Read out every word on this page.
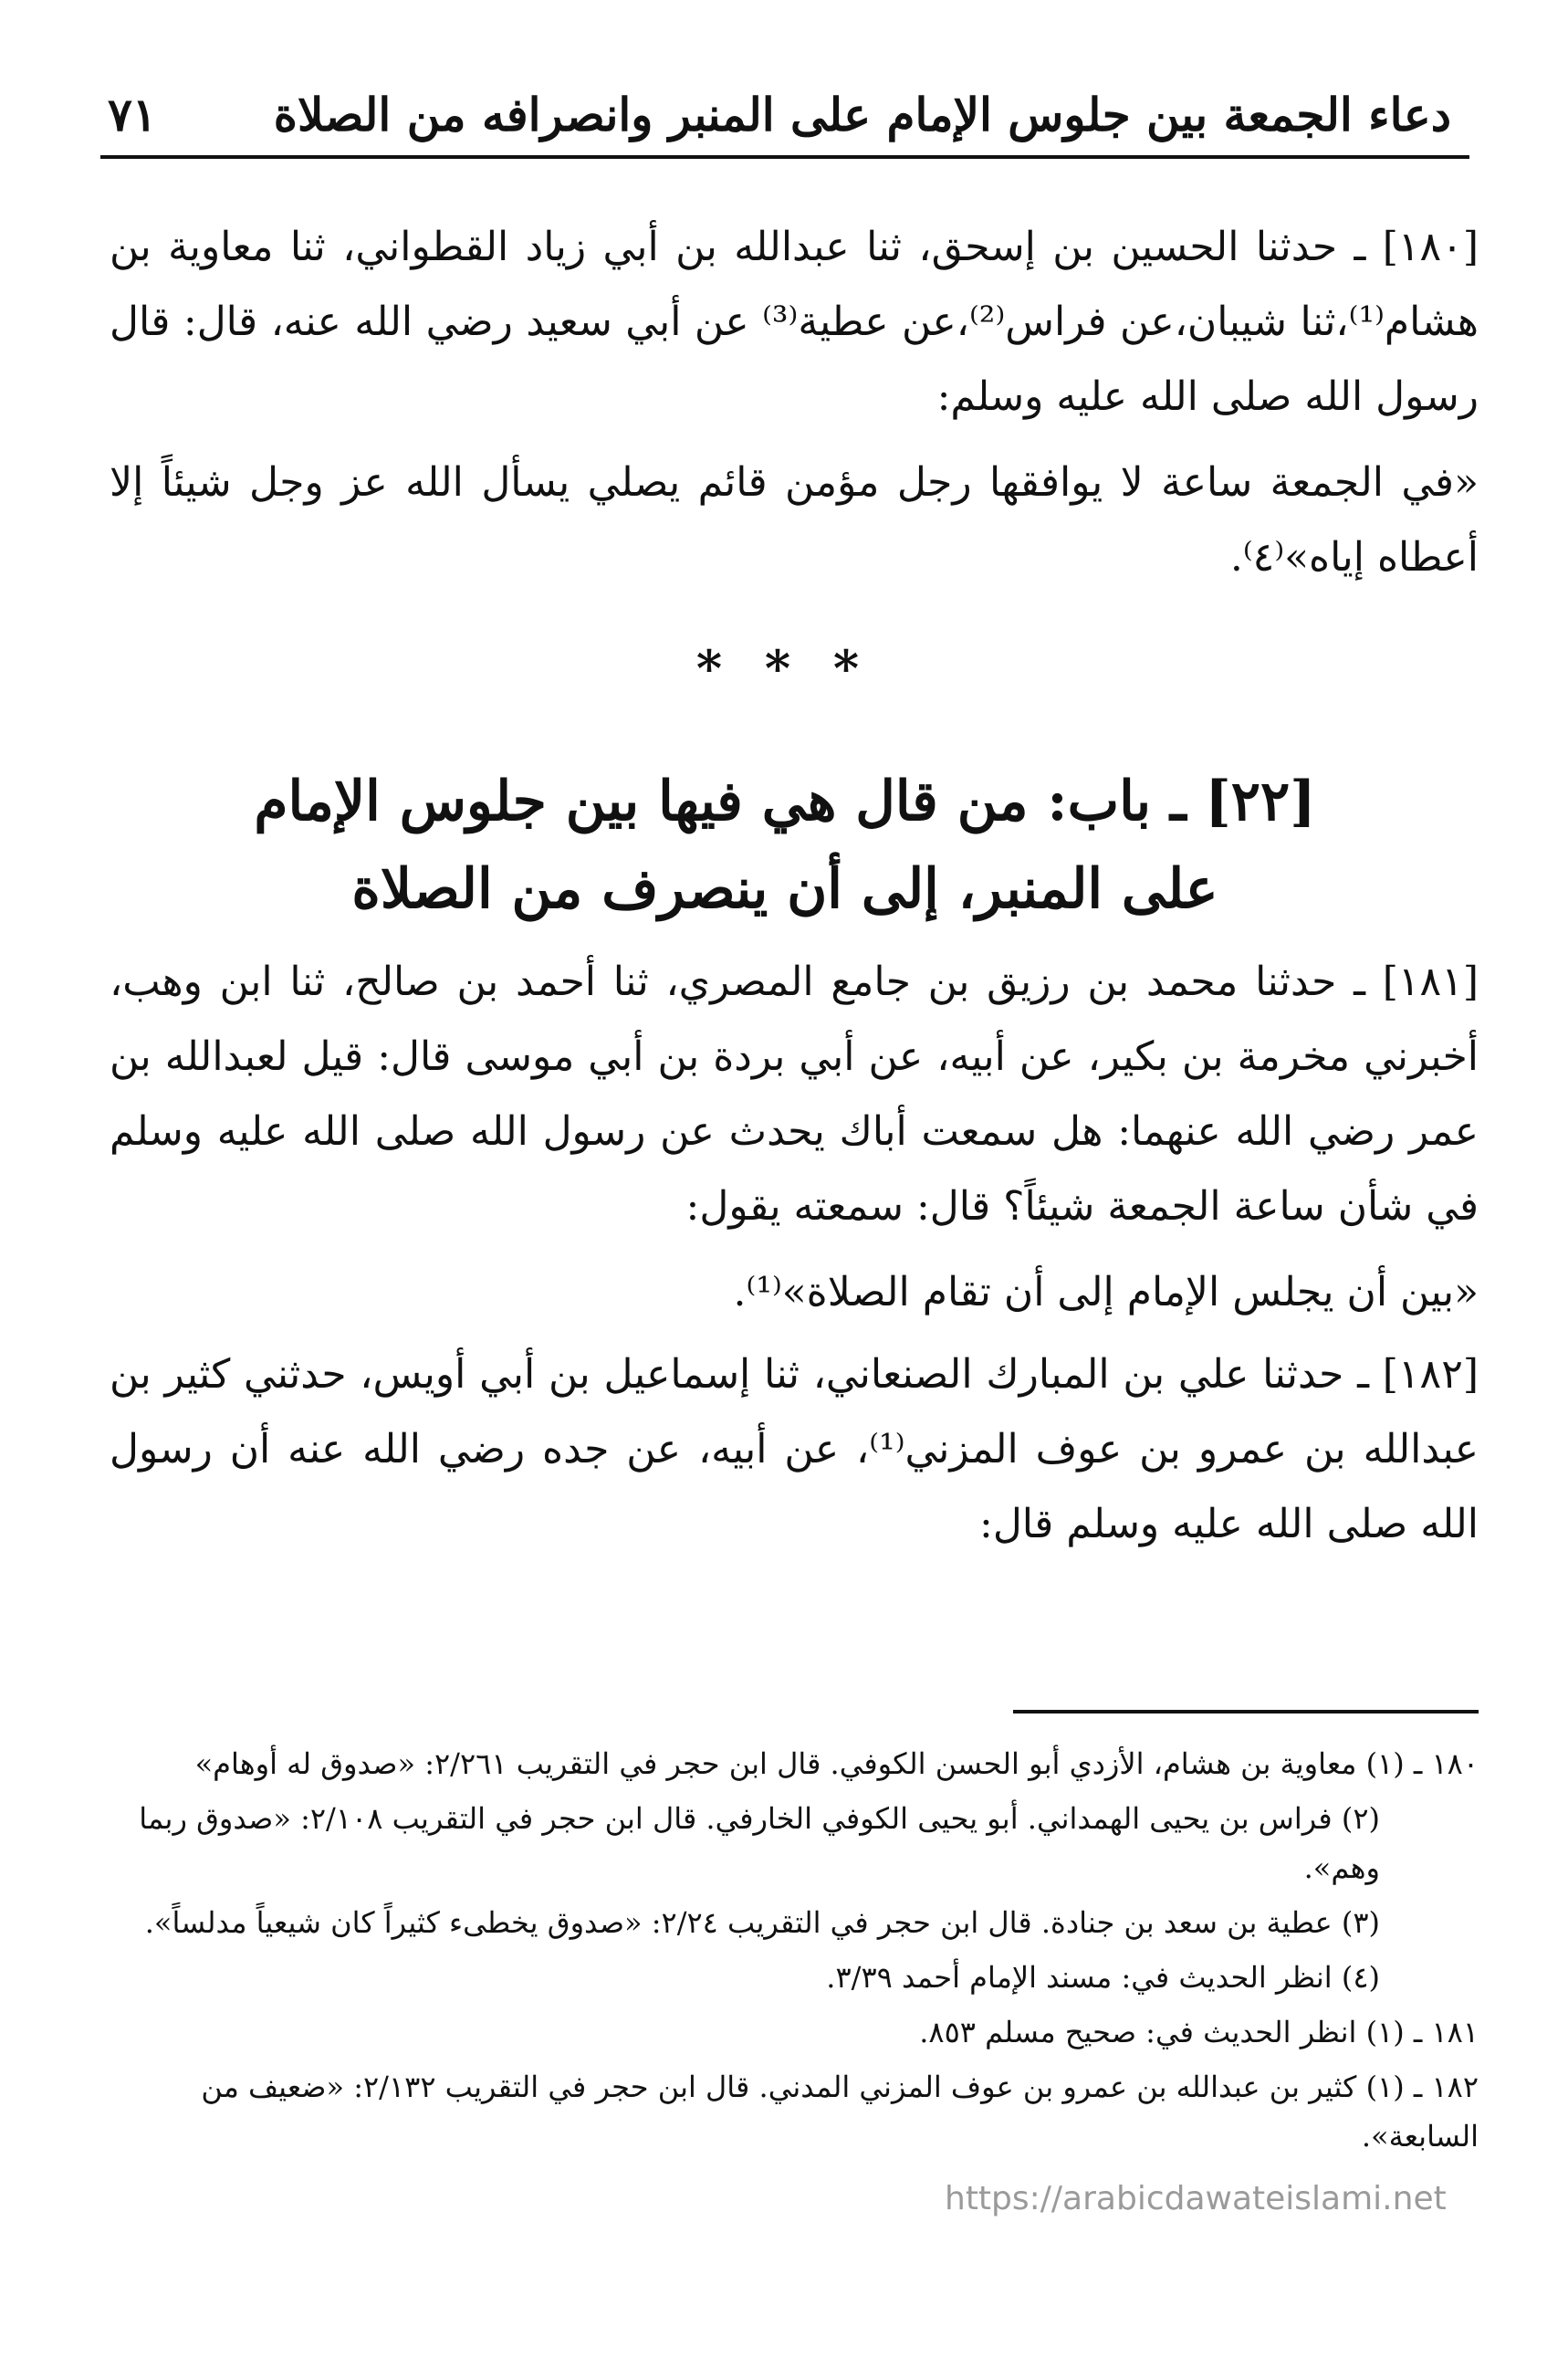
دعاء الجمعة بين جلوس الإمام على المنبر وانصرافه من الصلاة
٧١

[١٨٠] ـ حدثنا الحسين بن إسحق، ثنا عبدالله بن أبي زياد القطواني، ثنا معاوية بن هشام⁽¹⁾،ثنا شيبان،عن فراس⁽²⁾،عن عطية⁽³⁾ عن أبي سعيد رضي الله عنه، قال: قال رسول الله صلى الله عليه وسلم:

«في الجمعة ساعة لا يوافقها رجل مؤمن قائم يصلي يسأل الله عز وجل شيئاً إلا أعطاه إياه»⁽٤⁾.

* * *
[٢٢] ـ باب: من قال هي فيها بين جلوس الإمام
على المنبر، إلى أن ينصرف من الصلاة

[١٨١] ـ حدثنا محمد بن رزيق بن جامع المصري، ثنا أحمد بن صالح، ثنا ابن وهب، أخبرني مخرمة بن بكير، عن أبيه، عن أبي بردة بن أبي موسى قال: قيل لعبدالله بن عمر رضي الله عنهما: هل سمعت أباك يحدث عن رسول الله صلى الله عليه وسلم في شأن ساعة الجمعة شيئاً؟ قال: سمعته يقول:

«بين أن يجلس الإمام إلى أن تقام الصلاة»⁽¹⁾.

[١٨٢] ـ حدثنا علي بن المبارك الصنعاني، ثنا إسماعيل بن أبي أويس، حدثني كثير بن عبدالله بن عمرو بن عوف المزني⁽¹⁾، عن أبيه، عن جده رضي الله عنه أن رسول الله صلى الله عليه وسلم قال:

١٨٠ ـ (١) معاوية بن هشام، الأزدي أبو الحسن الكوفي. قال ابن حجر في التقريب ٢/٢٦١: «صدوق له أوهام»

(٢) فراس بن يحيى الهمداني. أبو يحيى الكوفي الخارفي. قال ابن حجر في التقريب ٢/١٠٨: «صدوق ربما وهم».

(٣) عطية بن سعد بن جنادة. قال ابن حجر في التقريب ٢/٢٤: «صدوق يخطىء كثيراً كان شيعياً مدلساً».

(٤) انظر الحديث في: مسند الإمام أحمد ٣/٣٩.

١٨١ ـ (١) انظر الحديث في: صحيح مسلم ٨٥٣.

١٨٢ ـ (١) كثير بن عبدالله بن عمرو بن عوف المزني المدني. قال ابن حجر في التقريب ٢/١٣٢: «ضعيف من السابعة».

https://arabicdawateislami.net
